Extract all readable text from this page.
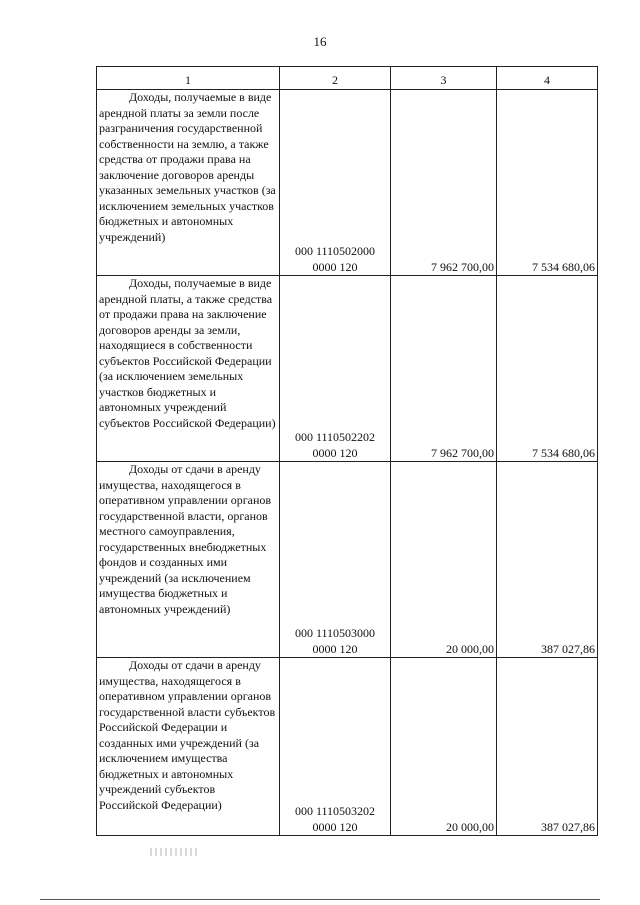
16
1	2	3	4

Доходы, получаемые в виде арендной платы за земли после разграничения государственной собственности на землю, а также средства от продажи права на заключение договоров аренды указанных земельных участков (за исключением земельных участков бюджетных и автономных учреждений)	000 1110502000 0000 120	7 962 700,00	7 534 680,06

Доходы, получаемые в виде арендной платы, а также средства от продажи права на заключение договоров аренды за земли, находящиеся в собственности субъектов Российской Федерации (за исключением земельных участков бюджетных и автономных учреждений субъектов Российской Федерации)	000 1110502202 0000 120	7 962 700,00	7 534 680,06

Доходы от сдачи в аренду имущества, находящегося в оперативном управлении органов государственной власти, органов местного самоуправления, государственных внебюджетных фондов и созданных ими учреждений (за исключением имущества бюджетных и автономных учреждений)	000 1110503000 0000 120	20 000,00	387 027,86

Доходы от сдачи в аренду имущества, находящегося в оперативном управлении органов государственной власти субъектов Российской Федерации и созданных ими учреждений (за исключением имущества бюджетных и автономных учреждений субъектов Российской Федерации)	000 1110503202 0000 120	20 000,00	387 027,86
